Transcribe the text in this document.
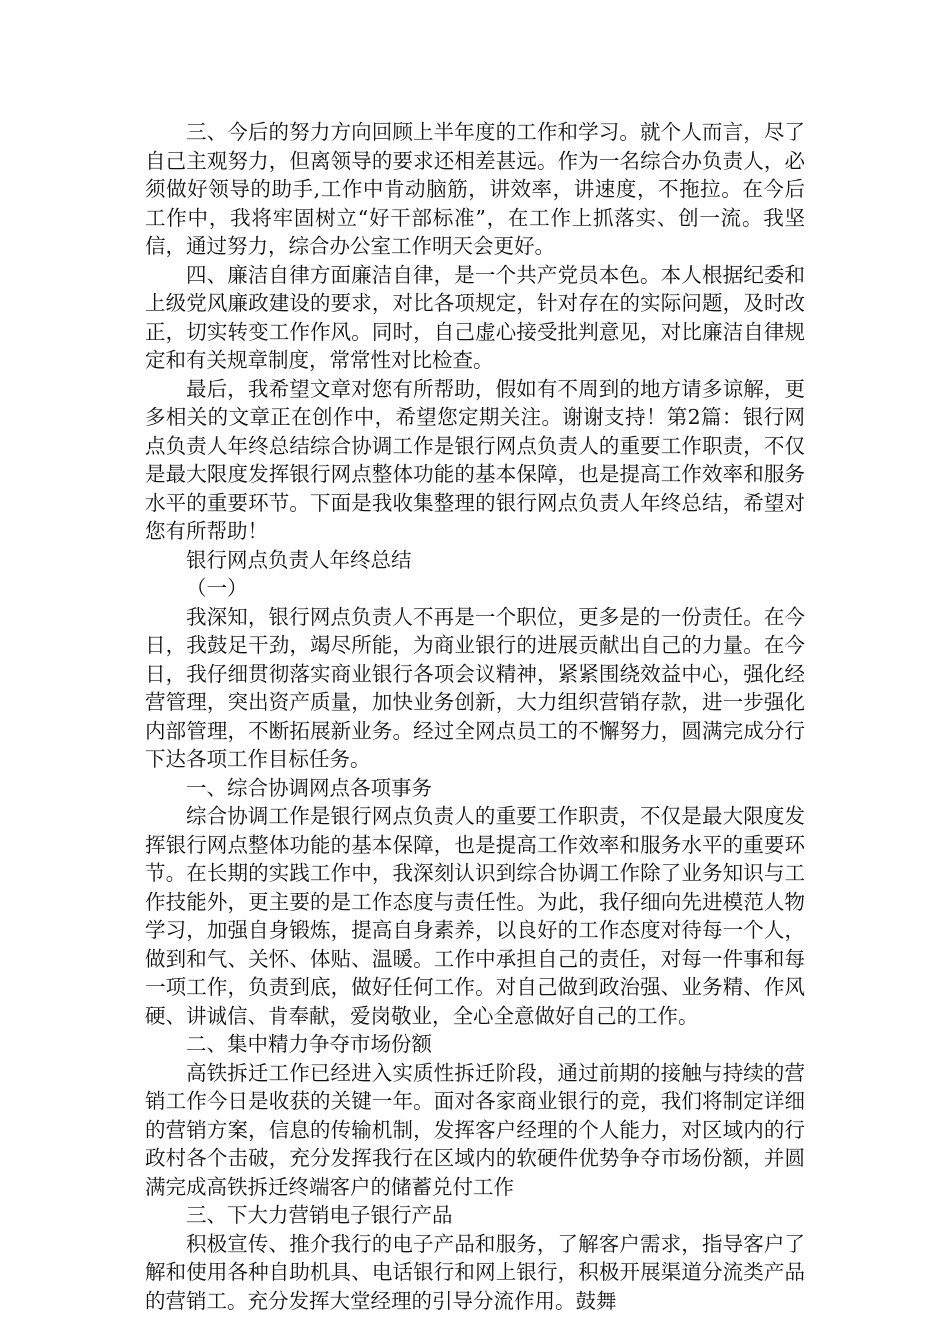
三、今后的努力方向回顾上半年度的工作和学习。就个人而言，尽了自己主观努力，但离领导的要求还相差甚远。作为一名综合办负责人，必须做好领导的助手,工作中肯动脑筋，讲效率，讲速度，不拖拉。在今后工作中，我将牢固树立“好干部标准”，在工作上抓落实、创一流。我坚信，通过努力，综合办公室工作明天会更好。

四、廉洁自律方面廉洁自律，是一个共产党员本色。本人根据纪委和上级党风廉政建设的要求，对比各项规定，针对存在的实际问题，及时改正，切实转变工作作风。同时，自己虚心接受批判意见，对比廉洁自律规定和有关规章制度，常常性对比检查。

最后，我希望文章对您有所帮助，假如有不周到的地方请多谅解，更多相关的文章正在创作中，希望您定期关注。谢谢支持！第2篇：银行网点负责人年终总结综合协调工作是银行网点负责人的重要工作职责，不仅是最大限度发挥银行网点整体功能的基本保障，也是提高工作效率和服务水平的重要环节。下面是我收集整理的银行网点负责人年终总结，希望对您有所帮助！

银行网点负责人年终总结

（一）

我深知，银行网点负责人不再是一个职位，更多是的一份责任。在今日，我鼓足干劲，竭尽所能，为商业银行的进展贡献出自己的力量。在今日，我仔细贯彻落实商业银行各项会议精神，紧紧围绕效益中心，强化经营管理，突出资产质量，加快业务创新，大力组织营销存款，进一步强化内部管理，不断拓展新业务。经过全网点员工的不懈努力，圆满完成分行下达各项工作目标任务。

一、综合协调网点各项事务

综合协调工作是银行网点负责人的重要工作职责，不仅是最大限度发挥银行网点整体功能的基本保障，也是提高工作效率和服务水平的重要环节。在长期的实践工作中，我深刻认识到综合协调工作除了业务知识与工作技能外，更主要的是工作态度与责任性。为此，我仔细向先进模范人物学习，加强自身锻炼，提高自身素养，以良好的工作态度对待每一个人，做到和气、关怀、体贴、温暖。工作中承担自己的责任，对每一件事和每一项工作，负责到底，做好任何工作。对自己做到政治强、业务精、作风硬、讲诚信、肯奉献，爱岗敬业，全心全意做好自己的工作。

二、集中精力争夺市场份额

高铁拆迁工作已经进入实质性拆迁阶段，通过前期的接触与持续的营销工作今日是收获的关键一年。面对各家商业银行的竞，我们将制定详细的营销方案，信息的传输机制，发挥客户经理的个人能力，对区域内的行政村各个击破，充分发挥我行在区域内的软硬件优势争夺市场份额，并圆满完成高铁拆迁终端客户的储蓄兑付工作

三、下大力营销电子银行产品

积极宣传、推介我行的电子产品和服务，了解客户需求，指导客户了解和使用各种自助机具、电话银行和网上银行，积极开展渠道分流类产品的营销工。充分发挥大堂经理的引导分流作用。鼓舞
